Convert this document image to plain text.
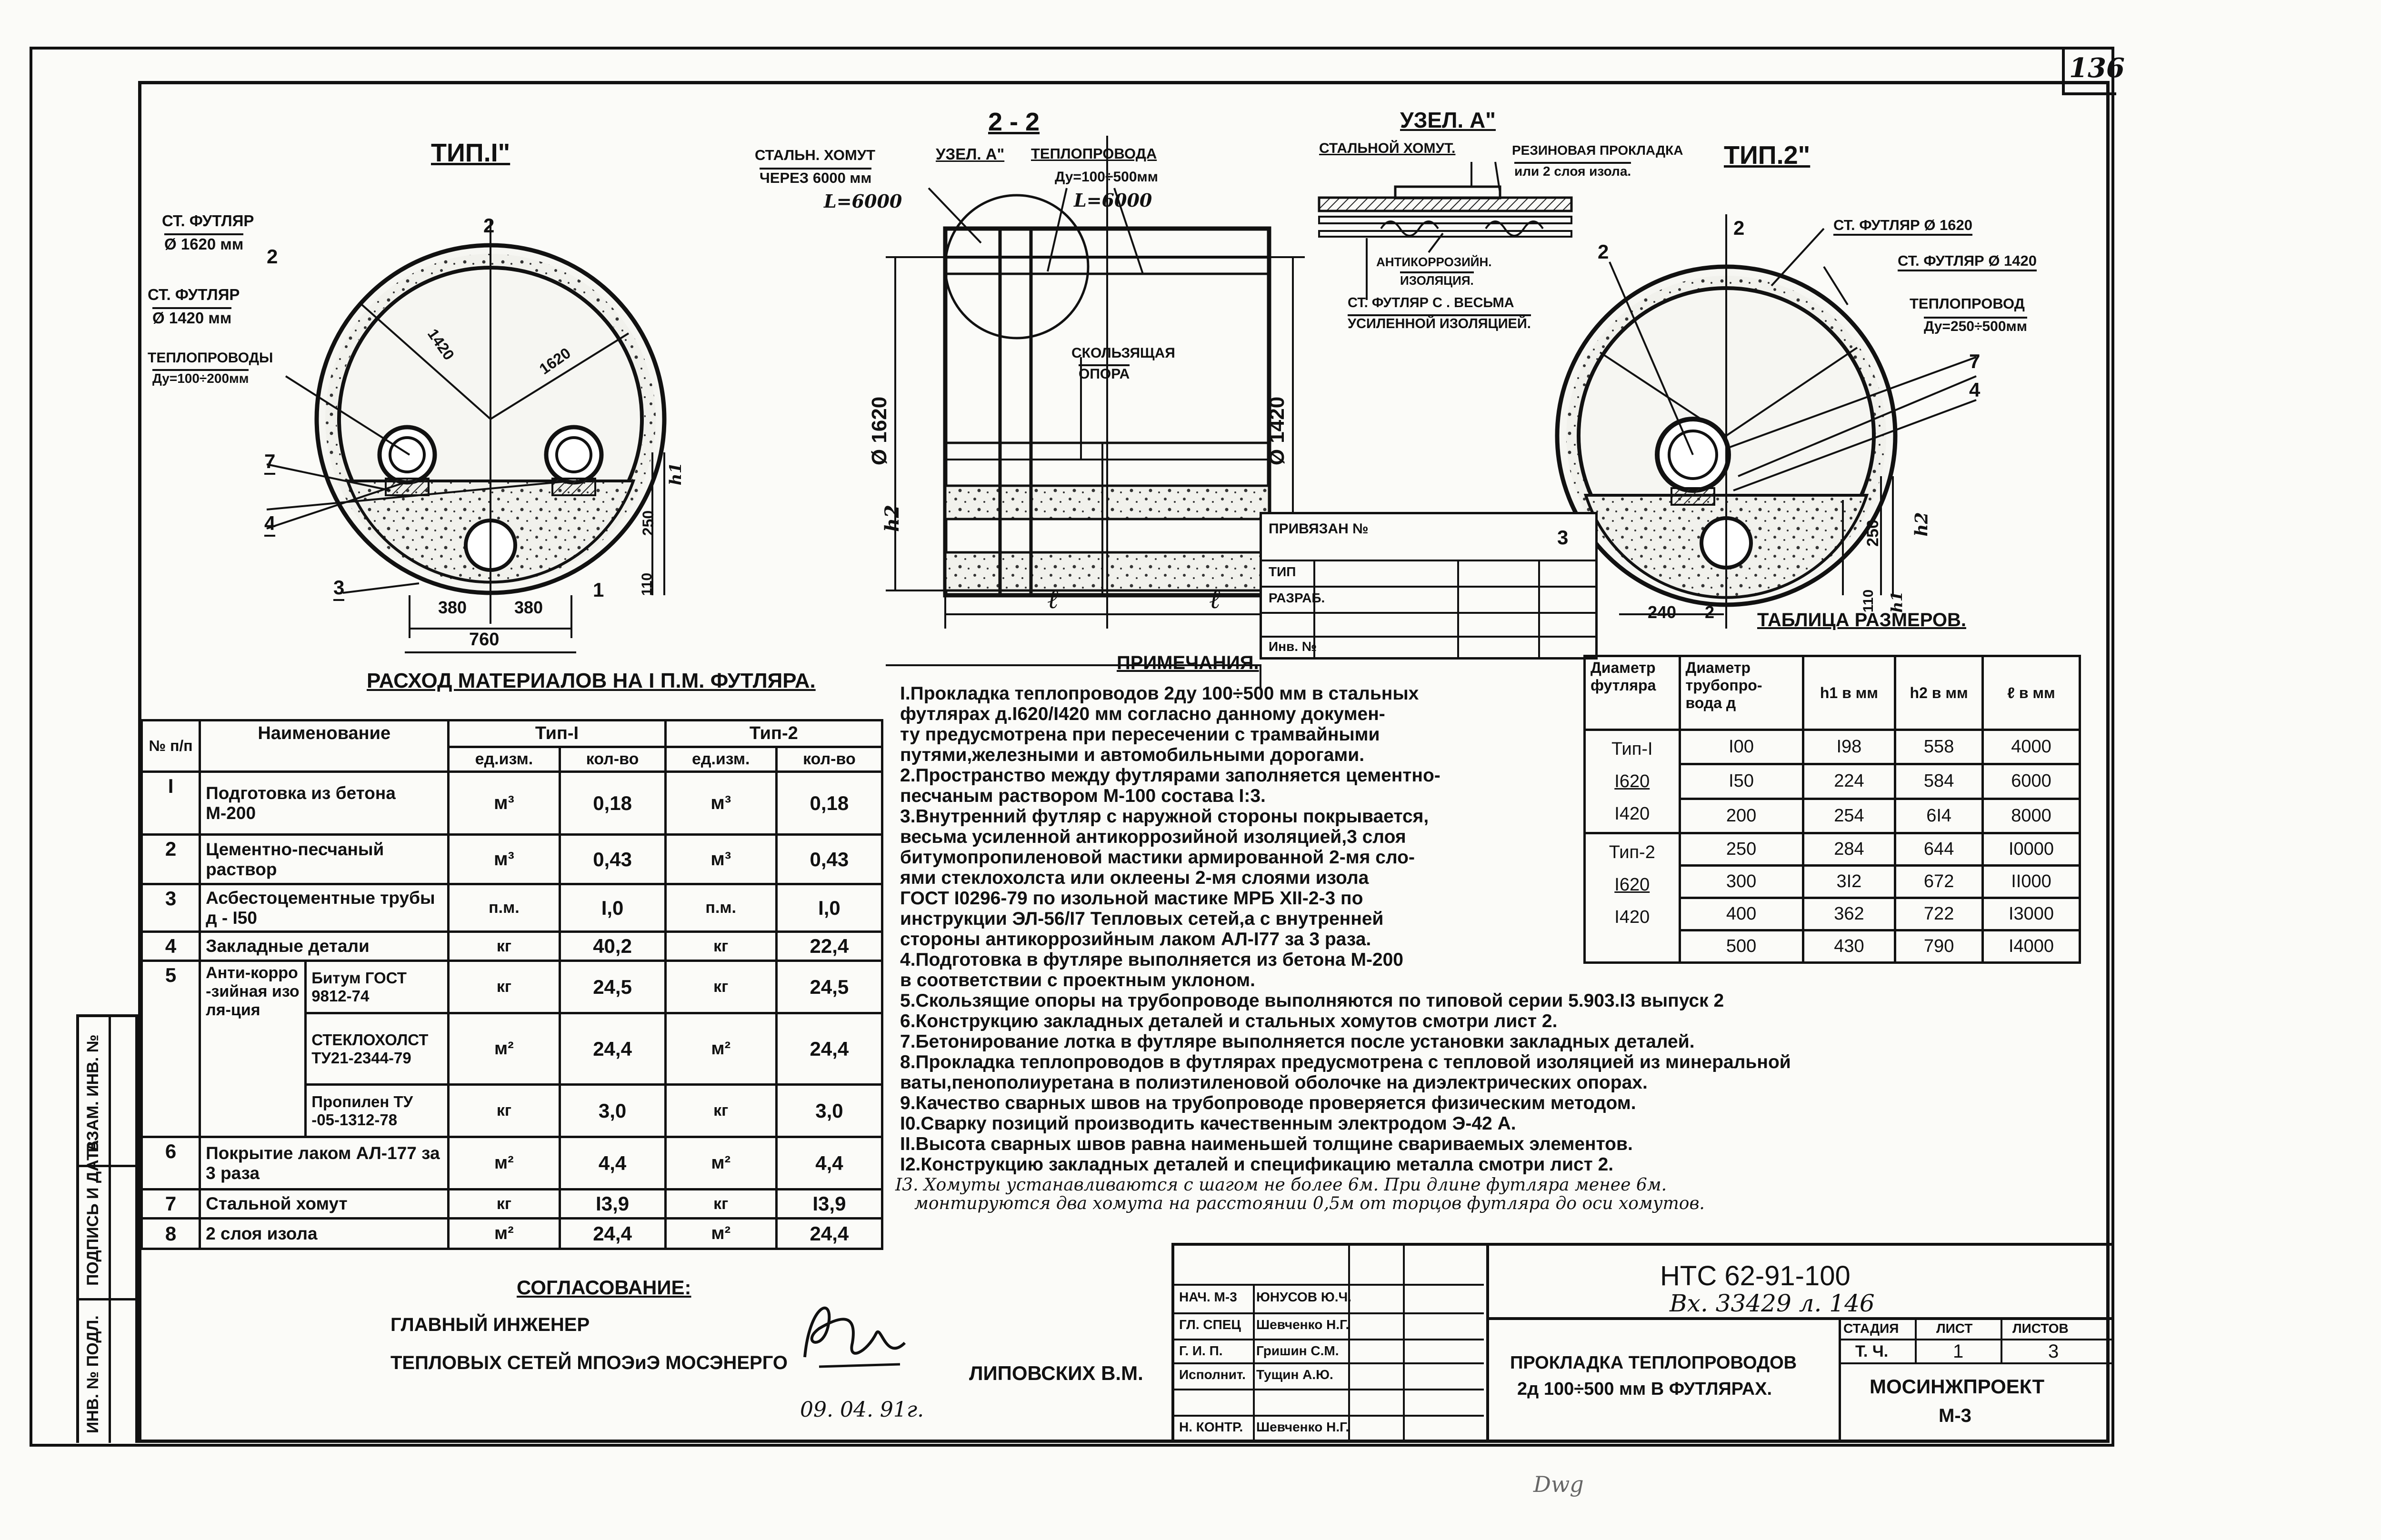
136
ТИП.I"
СТ. ФУТЛЯР
Ø 1620 мм
СТ. ФУТЛЯР
Ø 1420 мм
ТЕПЛОПРОВОДЫ
Ду=100÷200мм
2
2
7
4
3	1
1420	1620
250
h1
110
380	380
760
2 - 2
СТАЛЬН. ХОМУТ
ЧЕРЕЗ 6000 мм
L=6000
УЗЕЛ. А" ТЕПЛОПРОВОДА
Ду=100÷500мм
L=6000
СКОЛЬЗЯЩАЯ
ОПОРА
Ø 1620
h2
Ø 1420
ℓ	ℓ
УЗЕЛ. А"
СТАЛЬНОЙ ХОМУТ.	РЕЗИНОВАЯ ПРОКЛАДКА
или 2 слоя изола.
АНТИКОРРОЗИЙН.
ИЗОЛЯЦИЯ.
СТ. ФУТЛЯР С . ВЕСЬМА
УСИЛЕННОЙ ИЗОЛЯЦИЕЙ.
ТИП.2"
СТ. ФУТЛЯР Ø 1620
СТ. ФУТЛЯР Ø 1420
ТЕПЛОПРОВОД
Ду=250÷500мм
2
2
7
4
250 h2
h1
110
240 2
ПРИВЯЗАН №	3
ТИП
РАЗРАБ.
Инв. №
РАСХОД МАТЕРИАЛОВ НА I П.М. ФУТЛЯРА.
№ п/п	Наименование		Тип-I		Тип-2	
			ед.изм.	кол-во	ед.изм.	кол-во
I	Подготовка из бетона М-200		м³	0,18	м³	0,18
2	Цементно-песчаный раствор		м³	0,43	м³	0,43
3	Асбестоцементные трубы д - I50		п.м.	I,0	п.м.	I,0
4	Закладные детали		кг	40,2	кг	22,4
5	Анти-корро-зийная изоля-ция	Битум ГОСТ 9812-74	кг	24,5	кг	24,5
		СТЕКЛОХОЛСТ ТУ21-2344-79	м²	24,4	м²	24,4
		Пропилен ТУ -05-1312-78	кг	3,0	кг	3,0
6	Покрытие лаком АЛ-177 за 3 раза		м²	4,4	м²	4,4
7	Стальной хомут		кг	I3,9	кг	I3,9
8	2 слоя изола		м²	24,4	м²	24,4
ПРИМЕЧАНИЯ.
I.Прокладка теплопроводов 2ду 100÷500 мм в стальных
футлярах д.I620/I420 мм согласно данному докумен-
ту предусмотрена при пересечении с трамвайными
путями,железными и автомобильными дорогами.
2.Пространство между футлярами заполняется цементно-
песчаным раствором М-100 состава I:3.
3.Внутренний футляр с наружной стороны покрывается,
весьма усиленной антикоррозийной изоляцией,3 слоя
битумопропиленовой мастики армированной 2-мя сло-
ями стеклохолста или оклеены 2-мя слоями изола
ГОСТ I0296-79 по изольной мастике МРБ XII-2-3 по
инструкции ЭЛ-56/I7 Тепловых сетей,а с внутренней
стороны антикоррозийным лаком АЛ-I77 за 3 раза.
4.Подготовка в футляре выполняется из бетона М-200
в соответствии с проектным уклоном.
5.Скользящие опоры на трубопроводе выполняются по типовой серии 5.903.I3 выпуск 2
6.Конструкцию закладных деталей и стальных хомутов смотри лист 2.
7.Бетонирование лотка в футляре выполняется после установки закладных деталей.
8.Прокладка теплопроводов в футлярах предусмотрена с тепловой изоляцией из минеральной
ваты,пенополиуретана в полиэтиленовой оболочке на диэлектрических опорах.
9.Качество сварных швов на трубопроводе проверяется физическим методом.
I0.Сварку позиций производить качественным электродом Э-42 А.
II.Высота сварных швов равна наименьшей толщине свариваемых элементов.
I2.Конструкцию закладных деталей и спецификацию металла смотри лист 2.
I3. Хомуты устанавливаются с шагом не более 6м. При длине футляра менее 6м.
монтируются два хомута на расстоянии 0,5м от торцов футляра до оси хомутов.
ТАБЛИЦА РАЗМЕРОВ.
Диаметр футляра	Диаметр трубопро-вода д	h1 в мм	h2 в мм	ℓ в мм

Тип-I
I620
I420	I00	I98	558	4000
	I50	224	584	6000
	200	254	6I4	8000

Тип-2
I620
I420	250	284	644	I0000
	300	3I2	672	II000
	400	362	722	I3000
	500	430	790	I4000
ИНВ. № ПОДЛ.
ПОДПИСЬ И ДАТА
ВЗАМ. ИНВ. №
СОГЛАСОВАНИЕ:
ГЛАВНЫЙ ИНЖЕНЕР
ТЕПЛОВЫХ СЕТЕЙ МПОЭиЭ МОСЭНЕРГО	ЛИПОВСКИХ В.М.
09. 04. 91г.
НАЧ. М-3 ЮНУСОВ Ю.Ч.
ГЛ. СПЕЦ Шевченко Н.Г.
Г. И. П.	Гришин С.М.
Исполнит. Тущин А.Ю.
Н. КОНТР. Шевченко Н.Г.
НТС 62-91-100
Вх. 33429 л. 146
ПРОКЛАДКА ТЕПЛОПРОВОДОВ
2д 100÷500 мм В ФУТЛЯРАХ.
СТАДИЯ	ЛИСТ	ЛИСТОВ
Т. Ч.	1	3
МОСИНЖПРОЕКТ
М-3
Dwg
